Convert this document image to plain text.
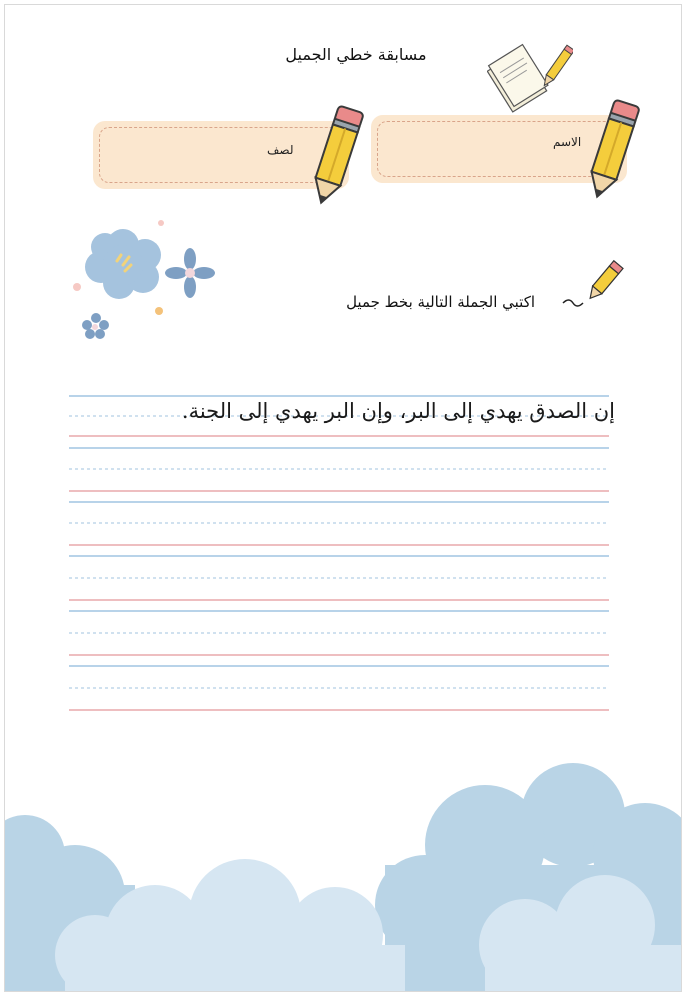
مسابقة خطي الجميل
لصف
الاسم
اكتبي الجملة التالية بخط جميل
إن الصدق يهدي إلى البر، وإن البر يهدي إلى الجنة.
